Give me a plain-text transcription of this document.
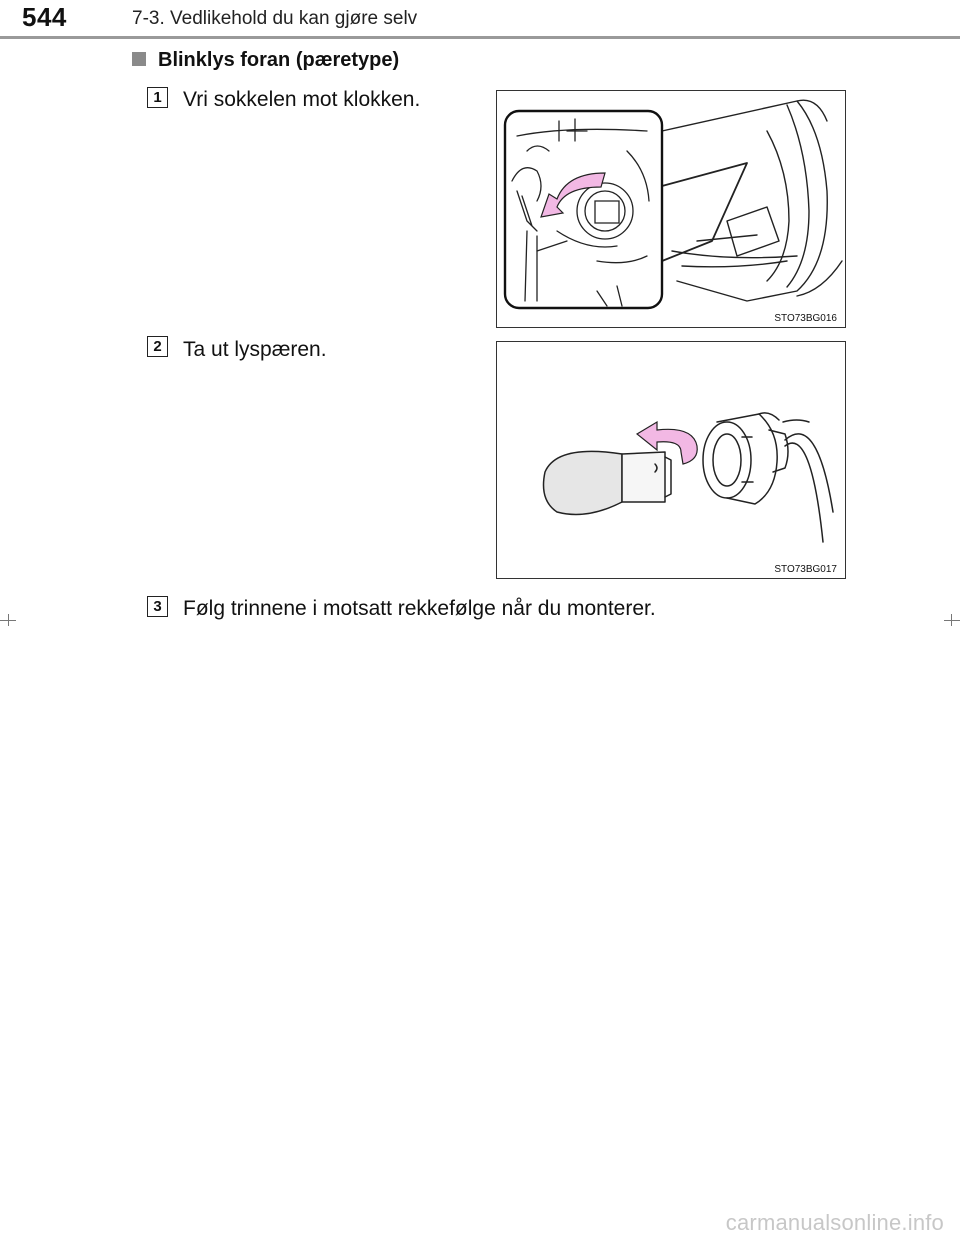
544	7-3. Vedlikehold du kan gjøre selv
Blinklys foran (pæretype)
1	Vri sokkelen mot klokken.
STO73BG016
2	Ta ut lyspæren.
STO73BG017
3	Følg trinnene i motsatt rekkefølge når du monterer.
carmanualsonline.info
